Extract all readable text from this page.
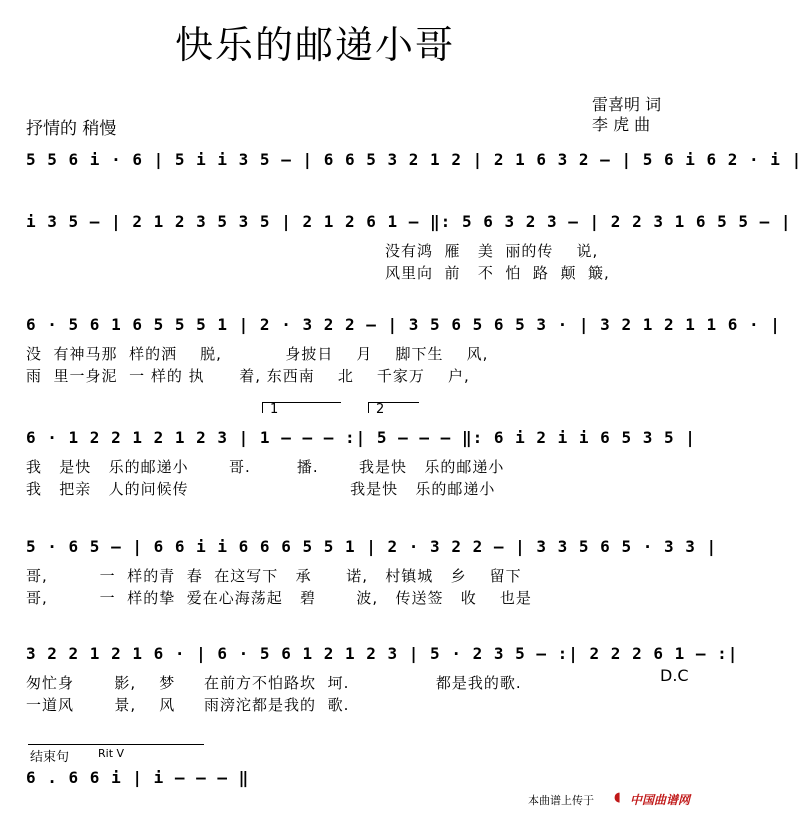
快乐的邮递小哥
雷喜明 词
李 虎 曲
抒情的 稍慢
5 5 6 i · 6 | 5 i i 3 5 – | 6 6 5 3 2 1 2 | 2 1 6 3 2 – | 5 6 i 6 2 · i |
i 3 5 – | 2 1 2 3 5 3 5 | 2 1 2 6 1 – ‖: 5 6 3 2 3 – | 2 2 3 1 6 5 5 – |
没有鸿  雁   美  丽的传    说,
风里向  前   不  怕  路  颠  簸,
6 · 5 6 1 6 5 5 5 1 | 2 · 3 2 2 – | 3 5 6 5 6 5 3 · | 3 2 1 2 1 1 6 · |
没  有神马那  样的洒    脱,           身披日    月    脚下生    风,
雨  里一身泥  一 样的 执      着, 东西南    北    千家万    户,
1	2
6 · 1 2 2 1 2 1 2 3 | 1 – – – :| 5 – – – ‖: 6 i 2 i i 6 5 3 5 |
我   是快   乐的邮递小       哥.        播.       我是快   乐的邮递小
我   把亲   人的问候传                            我是快   乐的邮递小
5 · 6 5 – | 6 6 i i 6 6 6 5 5 1 | 2 · 3 2 2 – | 3 3 5 6 5 · 3 3 |
哥,         一  样的青  春  在这写下   承      诺,   村镇城   乡    留下
哥,         一  样的挚  爱在心海荡起   碧       波,   传送签   收    也是
3 2 2 1 2 1 6 · | 6 · 5 6 1 2 1 2 3 | 5 · 2 3 5 – :| 2 2 2 6 1 – :|
匆忙身       影,    梦     在前方不怕路坎  坷.               都是我的歌.
一道风       景,    风     雨滂沱都是我的  歌.
D.C
结束句	Rit V
6 . 6 6 i | i – – – ‖
本曲谱上传于 ◖ 中国曲谱网
